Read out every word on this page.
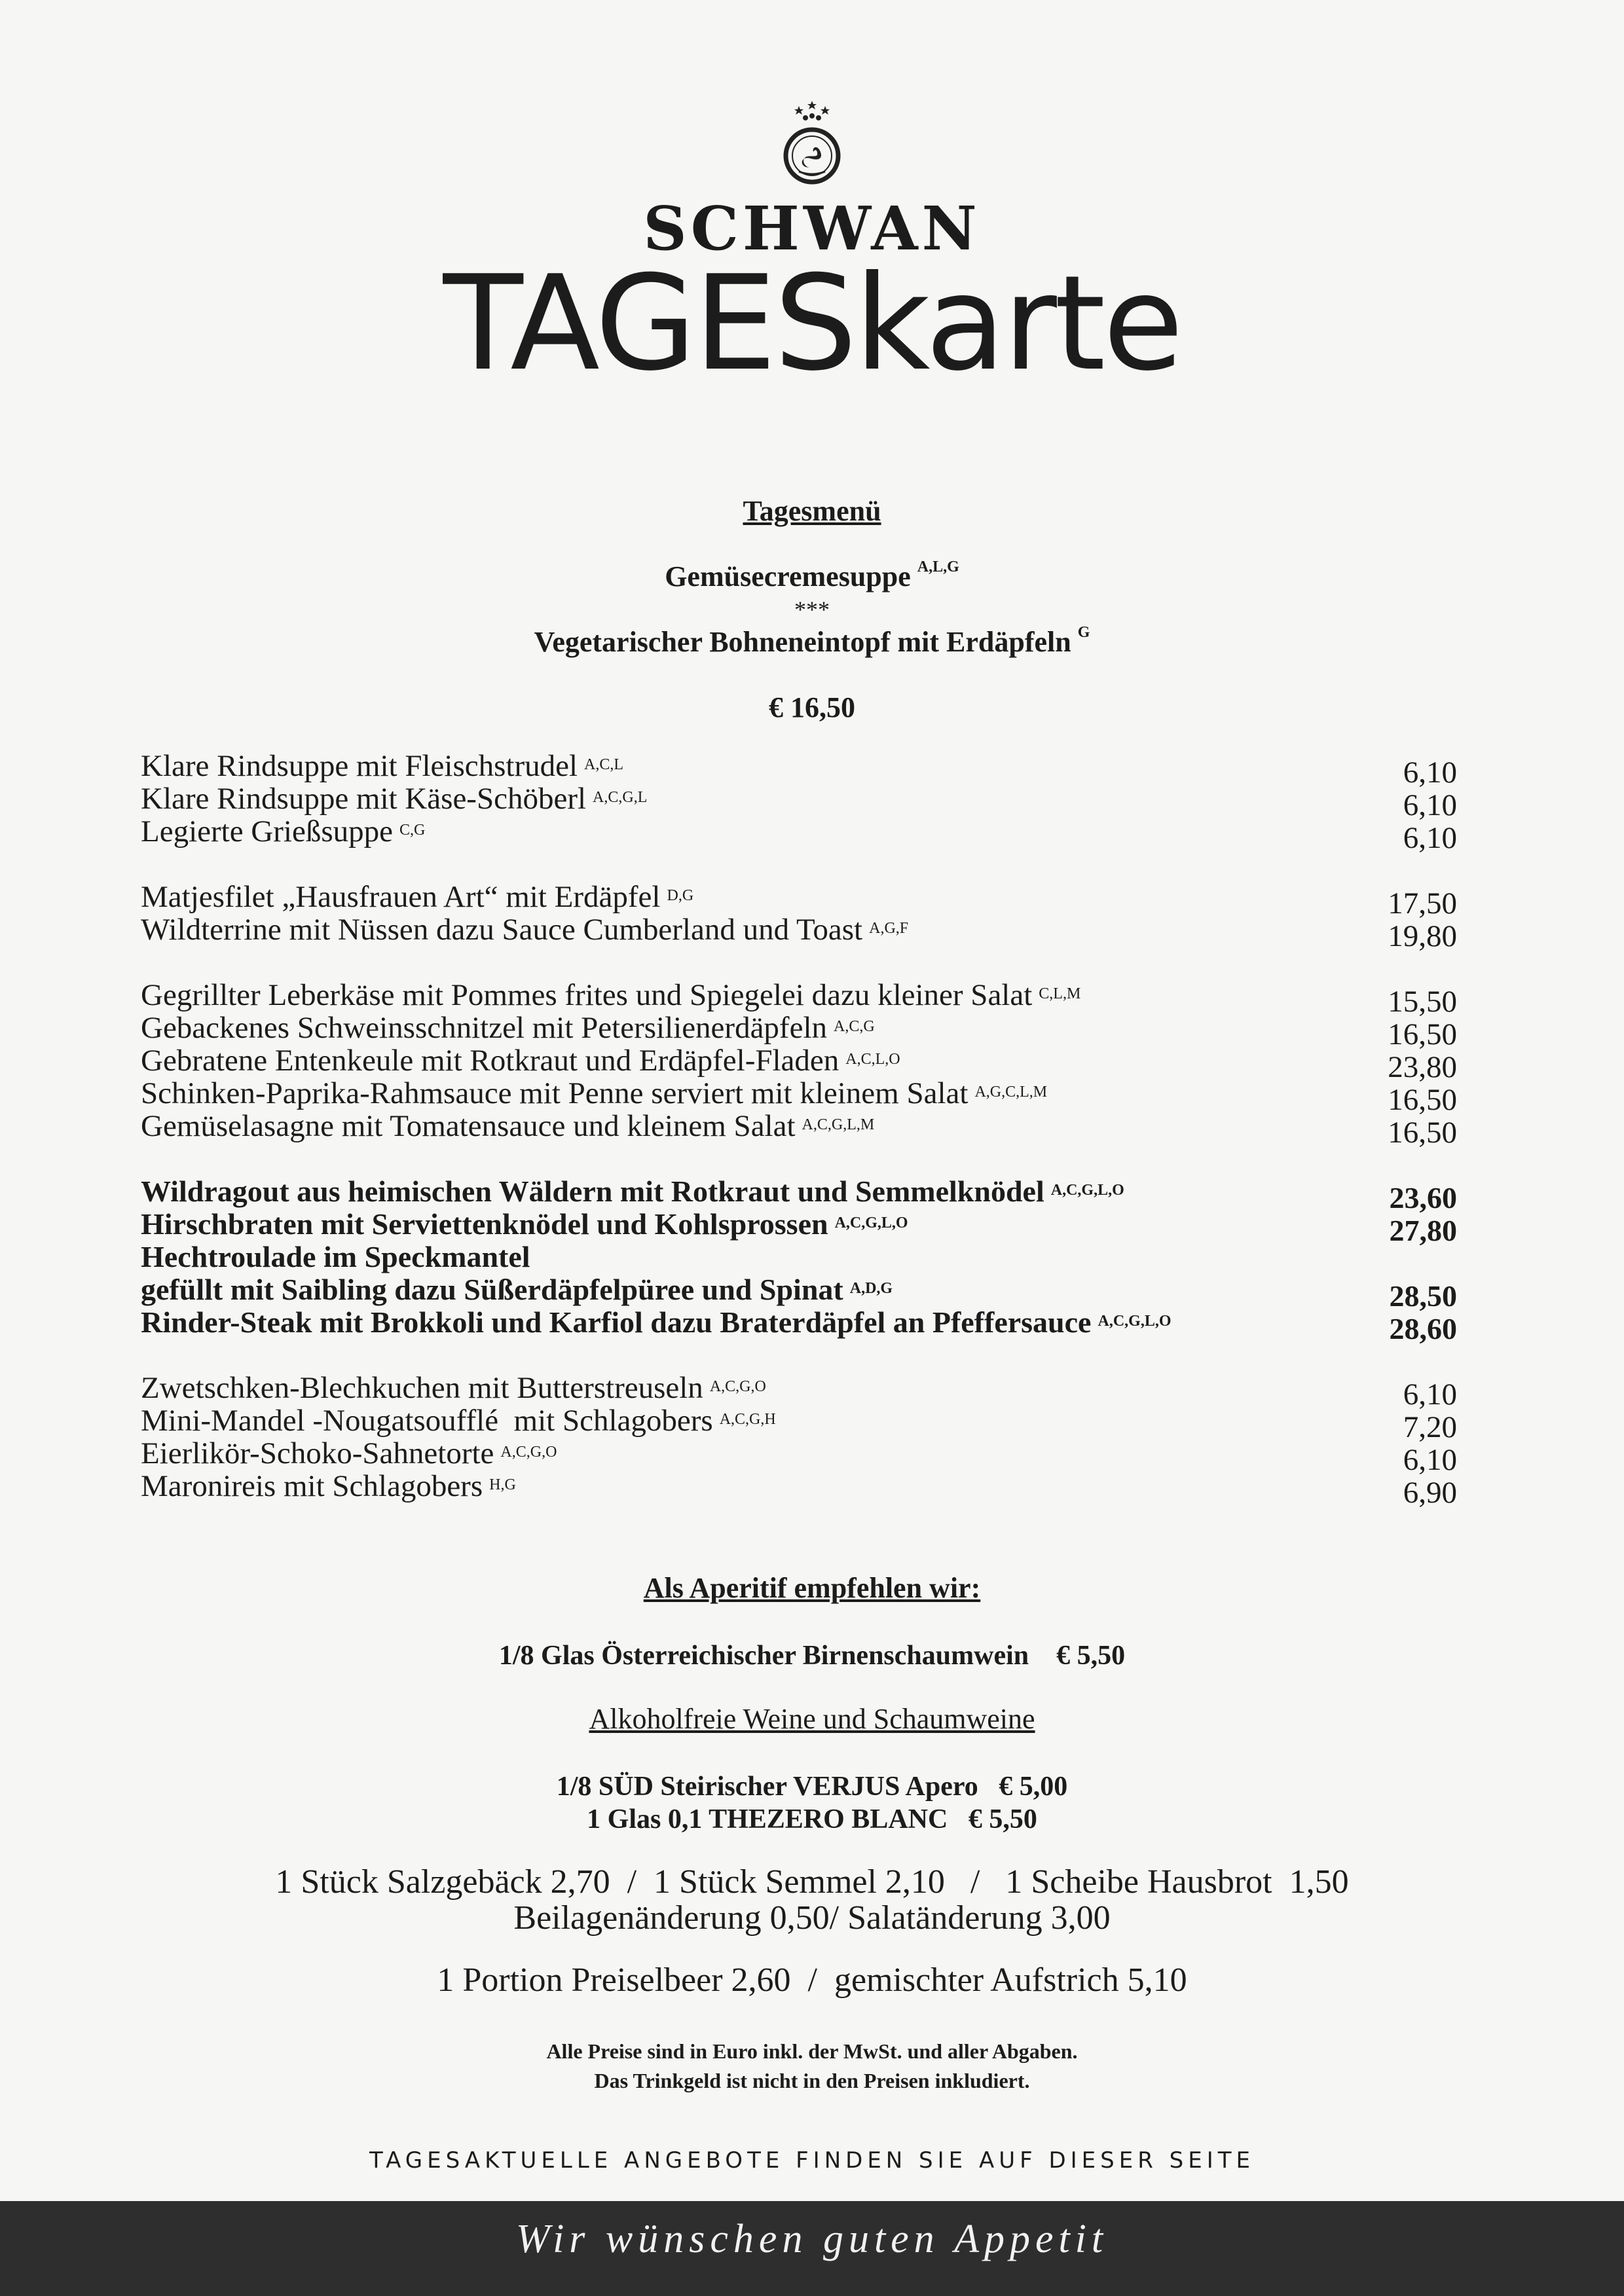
SCHWAN
TAGESkarte
Tagesmenü
Gemüsecremesuppe $^{A,L,G}$
***
Vegetarischer Bohneneintopf mit Erdäpfeln $^G$
€ 16,50
Klare Rindsuppe mit Fleischstrudel $^{A,C,L}$	6,10
Klare Rindsuppe mit Käse-Schöberl $^{A,C,G,L}$	6,10
Legierte Grießsuppe $^{C,G}$	6,10
Matjesfilet „Hausfrauen Art“ mit Erdäpfel $^{D,G}$	17,50
Wildterrine mit Nüssen dazu Sauce Cumberland und Toast $^{A,G,F}$	19,80
Gegrillter Leberkäse mit Pommes frites und Spiegelei dazu kleiner Salat $^{C,L,M}$	15,50
Gebackenes Schweinsschnitzel mit Petersilienerdäpfeln $^{A,C,G}$	16,50
Gebratene Entenkeule mit Rotkraut und Erdäpfel-Fladen $^{A,C,L,O}$	23,80
Schinken-Paprika-Rahmsauce mit Penne serviert mit kleinem Salat $^{A,G,C,L,M}$	16,50
Gemüselasagne mit Tomatensauce und kleinem Salat $^{A,C,G,L,M}$	16,50
Wildragout aus heimischen Wäldern mit Rotkraut und Semmelknödel $^{A,C,G,L,O}$	23,60
Hirschbraten mit Serviettenknödel und Kohlsprossen $^{A,C,G,L,O}$	27,80
Hechtroulade im Speckmantel
gefüllt mit Saibling dazu Süßerdäpfelpüree und Spinat $^{A,D,G}$	28,50
Rinder-Steak mit Brokkoli und Karfiol dazu Braterdäpfel an Pfeffersauce $^{A,C,G,L,O}$	28,60
Zwetschken-Blechkuchen mit Butterstreuseln $^{A,C,G,O}$	6,10
Mini-Mandel -Nougatsoufflé  mit Schlagobers $^{A,C,G,H}$	7,20
Eierlikör-Schoko-Sahnetorte $^{A,C,G,O}$	6,10
Maronireis mit Schlagobers $^{H,G}$	6,90
Als Aperitif empfehlen wir:
1/8 Glas Österreichischer Birnenschaumwein € 5,50
Alkoholfreie Weine und Schaumweine
1/8 SÜD Steirischer VERJUS Apero € 5,00
1 Glas 0,1 THEZERO BLANC € 5,50
1 Stück Salzgebäck 2,70  /  1 Stück Semmel 2,10   /   1 Scheibe Hausbrot  1,50
Beilagenänderung 0,50/ Salatänderung 3,00
1 Portion Preiselbeer 2,60  /  gemischter Aufstrich 5,10
Alle Preise sind in Euro inkl. der MwSt. und aller Abgaben.
Das Trinkgeld ist nicht in den Preisen inkludiert.
TAGESAKTUELLE ANGEBOTE FINDEN SIE AUF DIESER SEITE
Wir wünschen guten Appetit
